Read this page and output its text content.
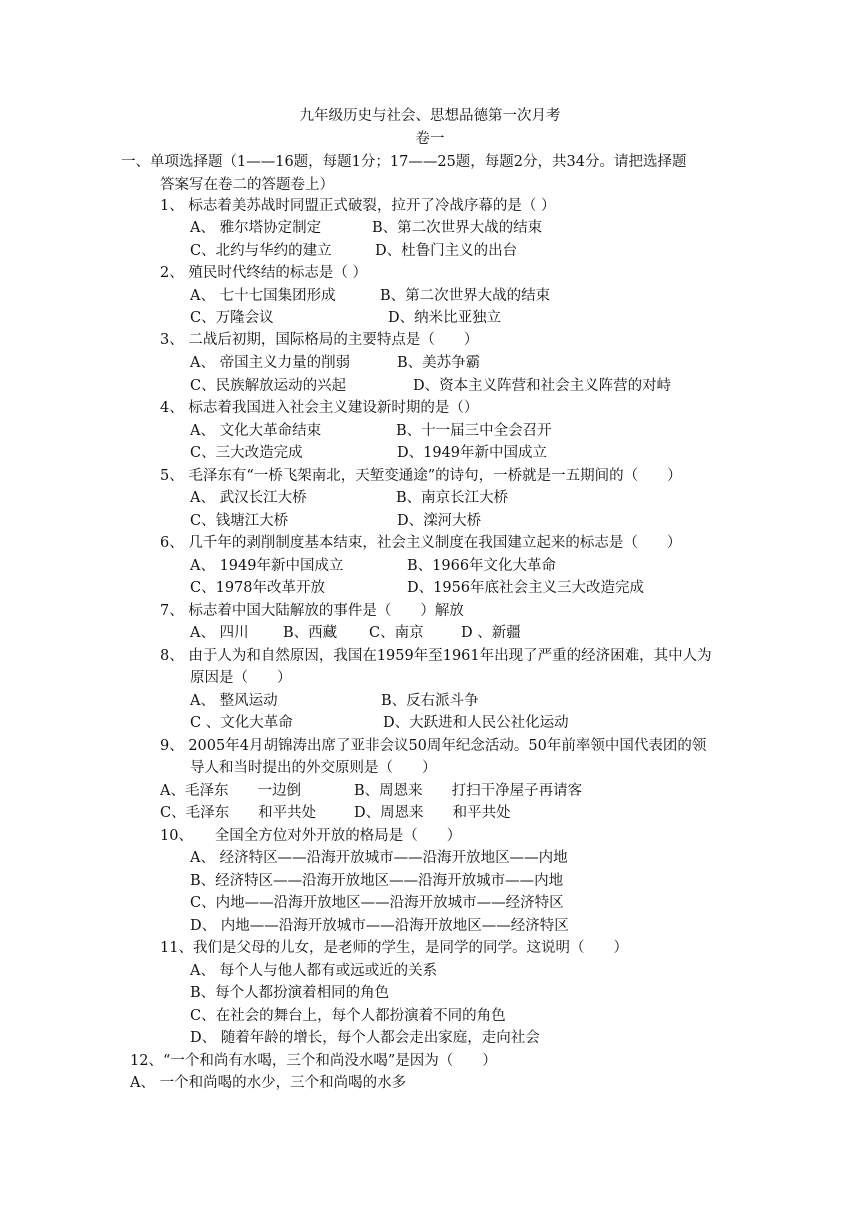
九年级历史与社会、思想品德第一次月考
卷一
一、单项选择题（1——16题，每题1分；17——25题，每题2分，共34分。请把选择题
答案写在卷二的答题卷上）
1、 标志着美苏战时同盟正式破裂，拉开了冷战序幕的是（ ）
A、 雅尔塔协定制定	B、第二次世界大战的结束
C、北约与华约的建立	D、杜鲁门主义的出台
2、 殖民时代终结的标志是（ ）
A、 七十七国集团形成	B、第二次世界大战的结束
C、万隆会议	D、纳米比亚独立
3、 二战后初期，国际格局的主要特点是（　　）
A、 帝国主义力量的削弱	B、美苏争霸
C、民族解放运动的兴起	D、资本主义阵营和社会主义阵营的对峙
4、 标志着我国进入社会主义建设新时期的是（）
A、 文化大革命结束	B、十一届三中全会召开
C、三大改造完成	D、1949年新中国成立
5、 毛泽东有“一桥飞架南北，天堑变通途”的诗句，一桥就是一五期间的（　　）
A、 武汉长江大桥	B、南京长江大桥
C、钱塘江大桥	D、滦河大桥
6、 几千年的剥削制度基本结束，社会主义制度在我国建立起来的标志是（　　）
A、 1949年新中国成立	B、1966年文化大革命
C、1978年改革开放	D、1956年底社会主义三大改造完成
7、 标志着中国大陆解放的事件是（　　）解放
A、 四川 B、西藏 C、南京	D 、新疆
8、 由于人为和自然原因，我国在1959年至1961年出现了严重的经济困难，其中人为
原因是（　　）
A、 整风运动	B、反右派斗争
C 、文化大革命	D、大跃进和人民公社化运动
9、 2005年4月胡锦涛出席了亚非会议50周年纪念活动。50年前率领中国代表团的领
导人和当时提出的外交原则是（　　）
A、毛泽东　　一边倒	B、周恩来　　打扫干净屋子再请客
C、毛泽东　　和平共处	D、周恩来　　和平共处
10、　　全国全方位对外开放的格局是（　　）
A、 经济特区——沿海开放城市——沿海开放地区——内地
B、经济特区——沿海开放地区——沿海开放城市——内地
C、内地——沿海开放地区——沿海开放城市——经济特区
D、 内地——沿海开放城市——沿海开放地区——经济特区
11、我们是父母的儿女，是老师的学生，是同学的同学。这说明（　　）
A、 每个人与他人都有或远或近的关系
B、每个人都扮演着相同的角色
C、在社会的舞台上，每个人都扮演着不同的角色
D、 随着年龄的增长，每个人都会走出家庭，走向社会
12、“一个和尚有水喝，三个和尚没水喝”是因为（　　）
A、 一个和尚喝的水少，三个和尚喝的水多
